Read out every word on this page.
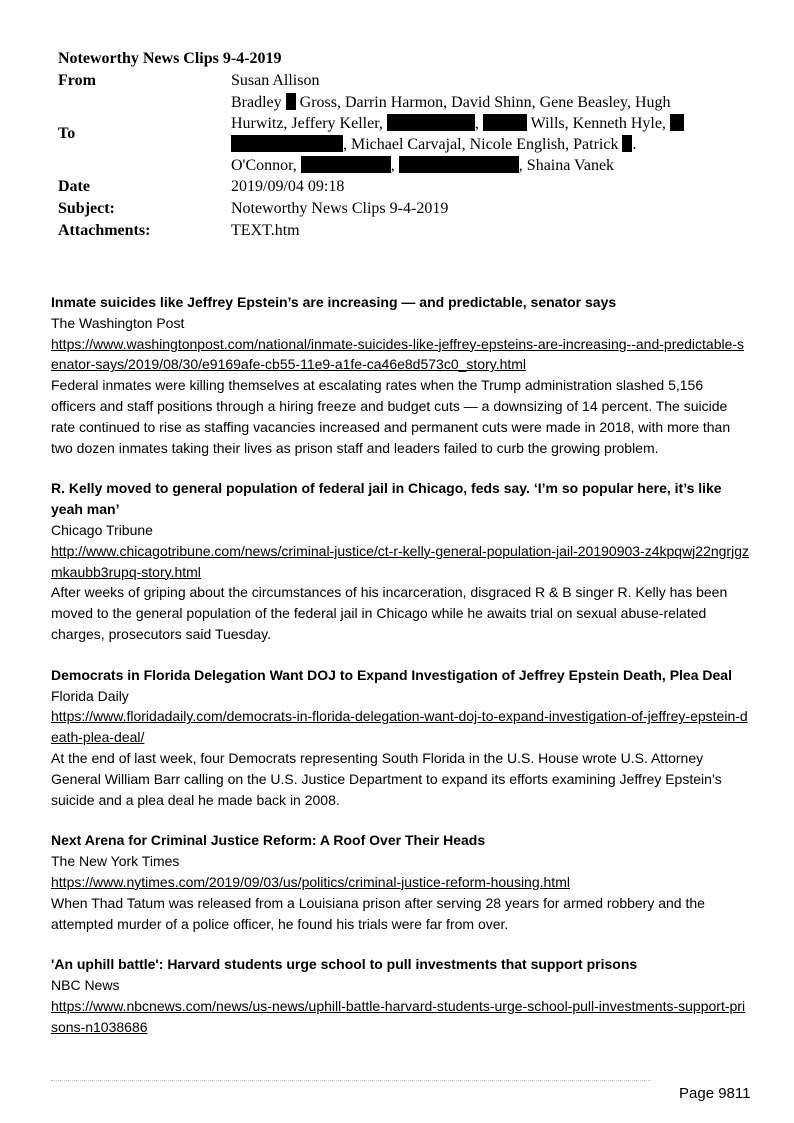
Noteworthy News Clips 9-4-2019
From	Susan Allison
To
Bradley  Gross, Darrin Harmon, David Shinn, Gene Beasley, Hugh
Hurwitz, Jeffery Keller,	,	Wills, Kenneth Hyle,
, Michael Carvajal, Nicole English, Patrick .
O'Connor,	,	, Shaina Vanek
Date	2019/09/04 09:18
Subject:	Noteworthy News Clips 9-4-2019
Attachments:	TEXT.htm
Inmate suicides like Jeffrey Epstein’s are increasing — and predictable, senator says
The Washington Post
https://www.washingtonpost.com/national/inmate-suicides-like-jeffrey-epsteins-are-increasing--and-predictable-senator-says/2019/08/30/e9169afe-cb55-11e9-a1fe-ca46e8d573c0_story.html
Federal inmates were killing themselves at escalating rates when the Trump administration slashed 5,156 officers and staff positions through a hiring freeze and budget cuts — a downsizing of 14 percent. The suicide rate continued to rise as staffing vacancies increased and permanent cuts were made in 2018, with more than two dozen inmates taking their lives as prison staff and leaders failed to curb the growing problem.
R. Kelly moved to general population of federal jail in Chicago, feds say. ‘I’m so popular here, it’s like yeah man’
Chicago Tribune
http://www.chicagotribune.com/news/criminal-justice/ct-r-kelly-general-population-jail-20190903-z4kpqwj22ngrjgzmkaubb3rupq-story.html
After weeks of griping about the circumstances of his incarceration, disgraced R & B singer R. Kelly has been moved to the general population of the federal jail in Chicago while he awaits trial on sexual abuse-related charges, prosecutors said Tuesday.
Democrats in Florida Delegation Want DOJ to Expand Investigation of Jeffrey Epstein Death, Plea Deal
Florida Daily
https://www.floridadaily.com/democrats-in-florida-delegation-want-doj-to-expand-investigation-of-jeffrey-epstein-death-plea-deal/
At the end of last week, four Democrats representing South Florida in the U.S. House wrote U.S. Attorney General William Barr calling on the U.S. Justice Department to expand its efforts examining Jeffrey Epstein’s suicide and a plea deal he made back in 2008.
Next Arena for Criminal Justice Reform: A Roof Over Their Heads
The New York Times
https://www.nytimes.com/2019/09/03/us/politics/criminal-justice-reform-housing.html
When Thad Tatum was released from a Louisiana prison after serving 28 years for armed robbery and the attempted murder of a police officer, he found his trials were far from over.
'An uphill battle': Harvard students urge school to pull investments that support prisons
NBC News
https://www.nbcnews.com/news/us-news/uphill-battle-harvard-students-urge-school-pull-investments-support-prisons-n1038686
Page 9811
